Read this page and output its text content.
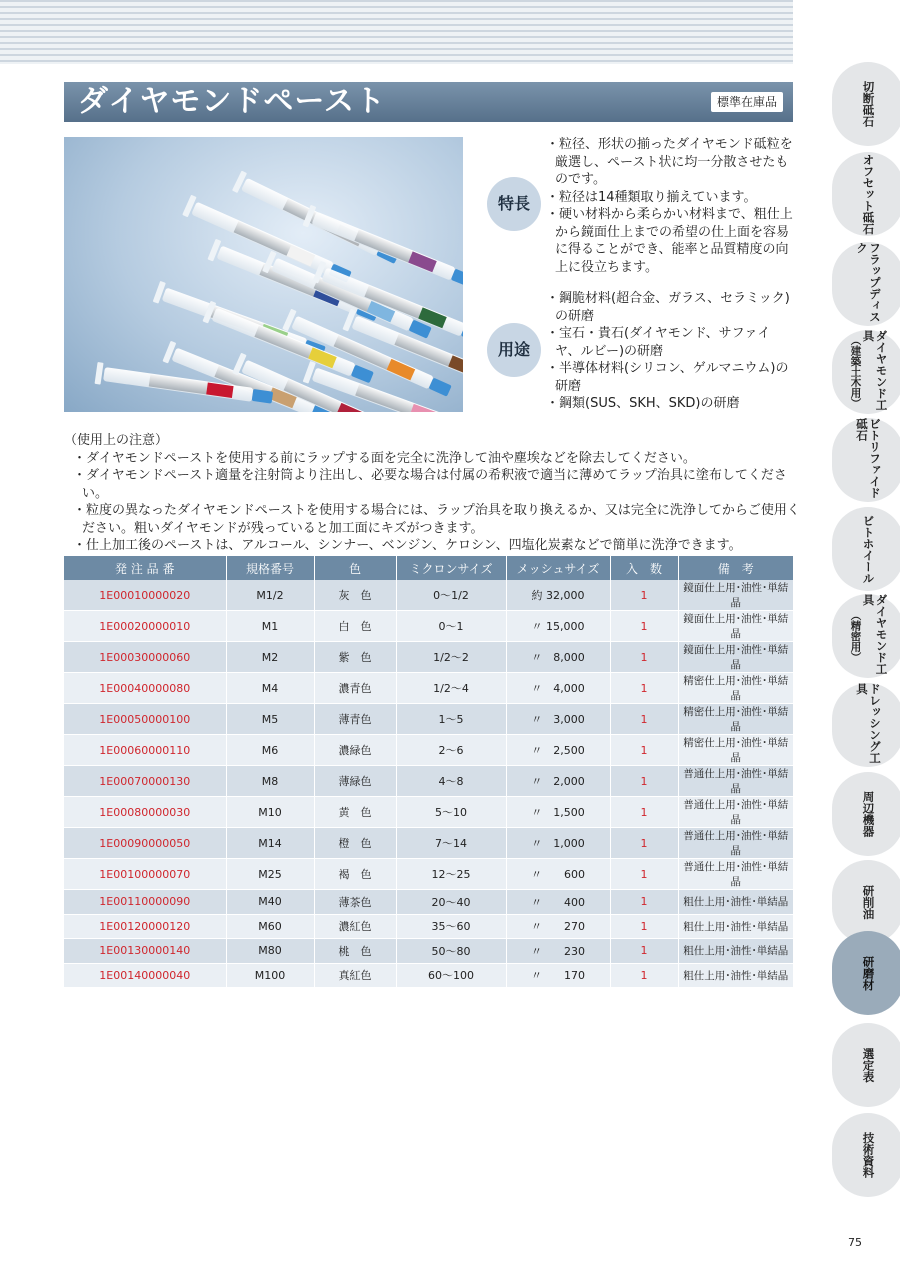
ダイヤモンドペースト	標準在庫品
特長

・粒径、形状の揃ったダイヤモンド砥粒を厳選し、ペースト状に均一分散させたものです。

・粒径は14種類取り揃えています。

・硬い材料から柔らかい材料まで、粗仕上から鏡面仕上までの希望の仕上面を容易に得ることができ、能率と品質精度の向上に役立ちます。

用途

・鋼脆材料(超合金、ガラス、セラミック)の研磨

・宝石・貴石(ダイヤモンド、サファイヤ、ルビー)の研磨

・半導体材料(シリコン、ゲルマニウム)の研磨

・鋼類(SUS、SKH、SKD)の研磨

（使用上の注意）

・ダイヤモンドペーストを使用する前にラップする面を完全に洗浄して油や塵埃などを除去してください。

・ダイヤモンドペースト適量を注射筒より注出し、必要な場合は付属の希釈液で適当に薄めてラップ治具に塗布してください。

・粒度の異なったダイヤモンドペーストを使用する場合には、ラップ治具を取り換えるか、又は完全に洗浄してからご使用ください。粗いダイヤモンドが残っていると加工面にキズがつきます。

・仕上加工後のペーストは、アルコール、シンナー、ベンジン、ケロシン、四塩化炭素などで簡単に洗浄できます。

発 注 品 番	規格番号	色	ミクロンサイズ	メッシュサイズ	入　数	備　考
1E00010000020	M1/2	灰　色	0〜1/2	約 32,000	1	鏡面仕上用･油性･単結晶
1E00020000010	M1	白　色	0〜1	〃 15,000	1	鏡面仕上用･油性･単結晶
1E00030000060	M2	紫　色	1/2〜2	〃　8,000	1	鏡面仕上用･油性･単結晶
1E00040000080	M4	濃青色	1/2〜4	〃　4,000	1	精密仕上用･油性･単結晶
1E00050000100	M5	薄青色	1〜5	〃　3,000	1	精密仕上用･油性･単結晶
1E00060000110	M6	濃緑色	2〜6	〃　2,500	1	精密仕上用･油性･単結晶
1E00070000130	M8	薄緑色	4〜8	〃　2,000	1	普通仕上用･油性･単結晶
1E00080000030	M10	黄　色	5〜10	〃　1,500	1	普通仕上用･油性･単結晶
1E00090000050	M14	橙　色	7〜14	〃　1,000	1	普通仕上用･油性･単結晶
1E00100000070	M25	褐　色	12〜25	〃　　600	1	普通仕上用･油性･単結晶
1E00110000090	M40	薄茶色	20〜40	〃　　400	1	粗仕上用･油性･単結晶
1E00120000120	M60	濃紅色	35〜60	〃　　270	1	粗仕上用･油性･単結晶
1E00130000140	M80	桃　色	50〜80	〃　　230	1	粗仕上用･油性･単結晶
1E00140000040	M100	真紅色	60〜100	〃　　170	1	粗仕上用･油性･単結晶
切断砥石
オフセット砥石
フラップディスク
ダイヤモンド工具
（建築土木用）
ビトリファイド砥石
ビトホイール
ダイヤモンド工具
（精密用）
ドレッシング工具
周辺機器
研削油
研磨材
選定表
技術資料
75
